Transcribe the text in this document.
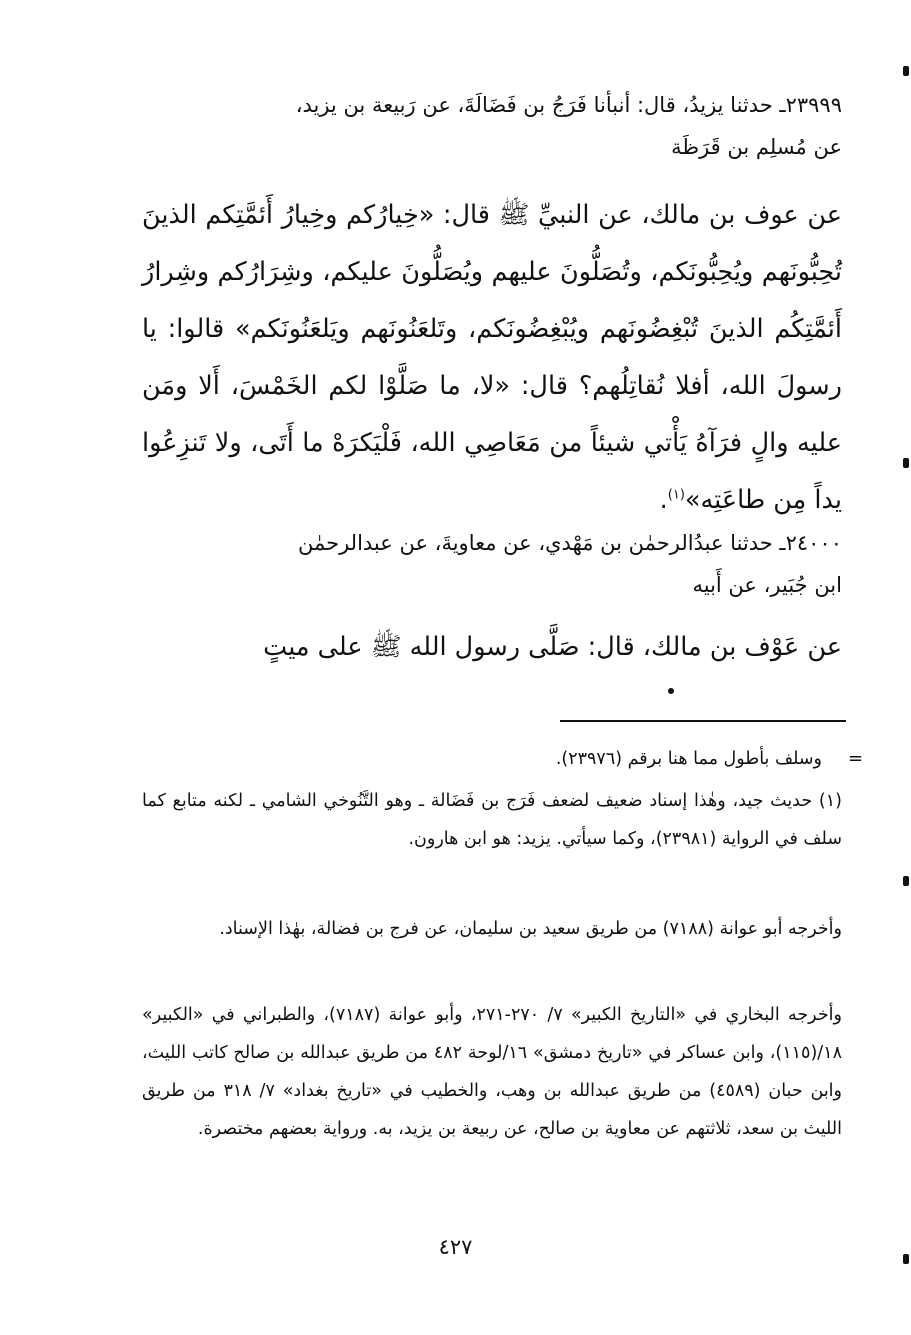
٢٣٩٩٩ـ حدثنا يزيدُ، قال: أنبأنا فَرَجُ بن فَضَالَةَ، عن رَبيعة بن يزيد،
عن مُسلِم بن قَرَظَة

عن عوف بن مالك، عن النبيِّ ﷺ قال: «خِيارُكم وخِيارُ أَئمَّتِكم الذينَ تُحِبُّونَهم ويُحِبُّونَكم، وتُصَلُّونَ عليهم ويُصَلُّونَ عليكم، وشِرَارُكم وشِرارُ أَئمَّتِكُم الذينَ تُبْغِضُونَهم ويُبْغِضُونَكم، وتَلعَنُونَهم ويَلعَنُونَكم» قالوا: يا رسولَ الله، أفلا نُقاتِلُهم؟ قال: «لا، ما صَلَّوْا لكم الخَمْسَ، أَلا ومَن عليه والٍ فرَآهُ يَأْتي شيئاً من مَعَاصِي الله، فَلْيَكرَهْ ما أَتَى، ولا تَنزِعُوا يداً مِن طاعَتِه»$^{(١)}$.

٢٤٠٠٠ـ حدثنا عبدُالرحمٰن بن مَهْدي، عن معاويةَ، عن عبدالرحمٰن
ابن جُبَير، عن أَبيه

عن عَوْف بن مالك، قال: صَلَّى رسول الله ﷺ على ميتٍ

=

وسلف بأطول مما هنا برقم (٢٣٩٧٦).

(١) حديث جيد، وهٰذا إسناد ضعيف لضعف فَرَج بن فَضَالة ـ وهو التَّنُوخي الشامي ـ لكنه متابع كما سلف في الرواية (٢٣٩٨١)، وكما سيأتي. يزيد: هو ابن هارون.

وأخرجه أبو عوانة (٧١٨٨) من طريق سعيد بن سليمان، عن فرج بن فضالة، بهٰذا الإسناد.

وأخرجه البخاري في «التاريخ الكبير» ٧/ ٢٧٠-٢٧١، وأبو عوانة (٧١٨٧)، والطبراني في «الكبير» ١٨/(١١٥)، وابن عساكر في «تاريخ دمشق» ١٦/لوحة ٤٨٢ من طريق عبدالله بن صالح كاتب الليث، وابن حبان (٤٥٨٩) من طريق عبدالله بن وهب، والخطيب في «تاريخ بغداد» ٧/ ٣١٨ من طريق الليث بن سعد، ثلاثتهم عن معاوية بن صالح، عن ربيعة بن يزيد، به. ورواية بعضهم مختصرة.

٤٢٧
